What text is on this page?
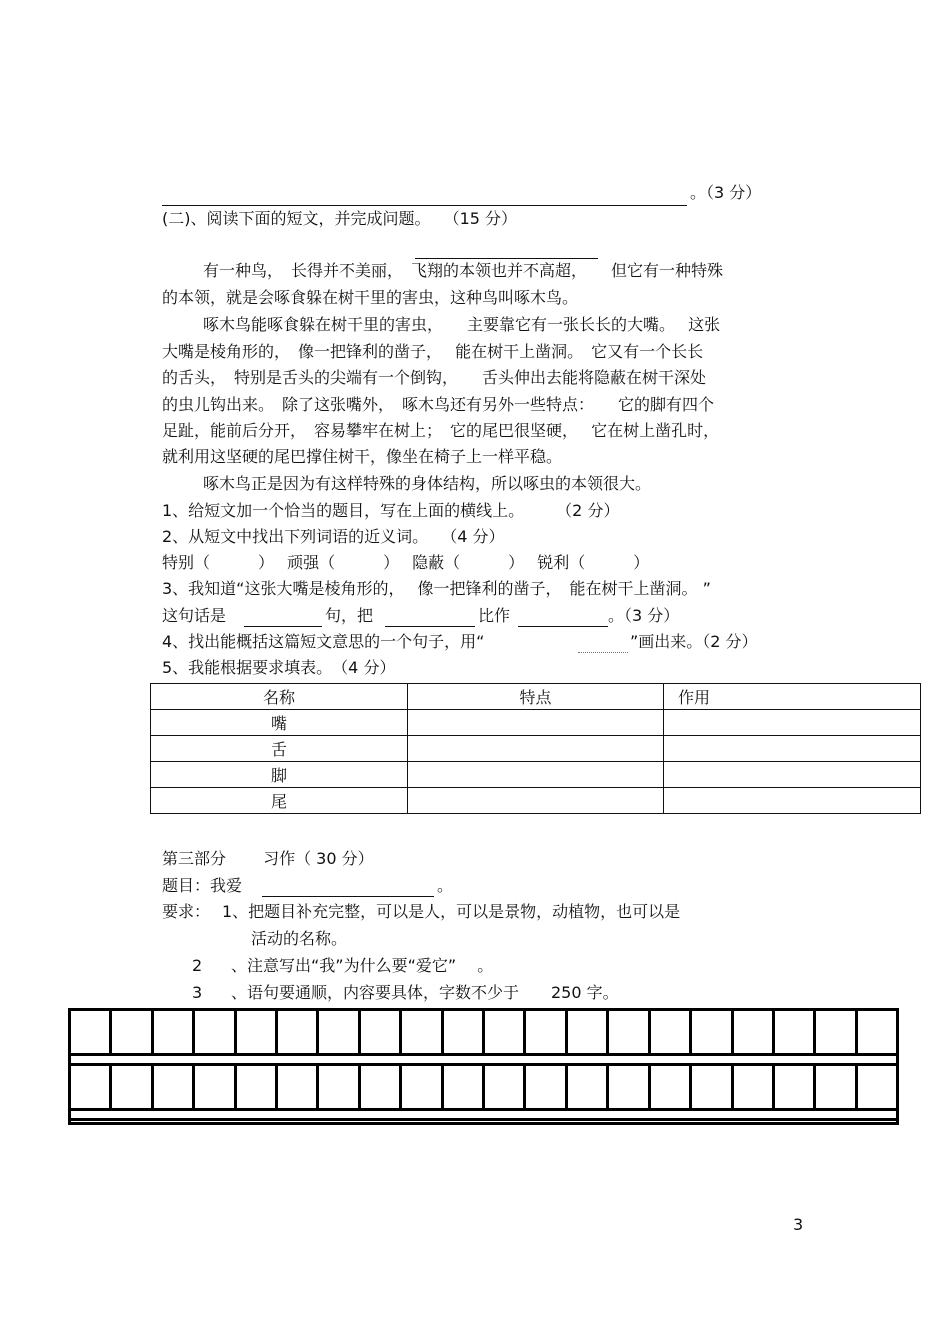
。（3 分）
(二)、阅读下面的短文，并完成问题。　 （15 分）
有一种鸟，　长得并不美丽，　飞翔的本领也并不高超，　　但它有一种特殊
的本领，就是会啄食躲在树干里的害虫，这种鸟叫啄木鸟。
啄木鸟能啄食躲在树干里的害虫，　　主要靠它有一张长长的大嘴。　 这张
大嘴是棱角形的，　像一把锋利的凿子，　 能在树干上凿洞。　它又有一个长长
的舌头，　特别是舌头的尖端有一个倒钩，　　舌头伸出去能将隐蔽在树干深处
的虫儿钩出来。　除了这张嘴外，　啄木鸟还有另外一些特点：　　它的脚有四个
足趾，能前后分开，　容易攀牢在树上；　它的尾巴很坚硬，　 它在树上凿孔时，
就利用这坚硬的尾巴撑住树干，像坐在椅子上一样平稳。
啄木鸟正是因为有这样特殊的身体结构，所以啄虫的本领很大。
1、给短文加一个恰当的题目，写在上面的横线上。　　　（2 分）
2、从短文中找出下列词语的近义词。　 （4 分）
特别（　　　）　 顽强（　　　）　 隐蔽（　　　）　 锐利（　　　）
3、我知道“这张大嘴是棱角形的，　 像一把锋利的凿子，　能在树干上凿洞。 ”
这句话是	句，把	比作	。（3 分）
4、找出能概括这篇短文意思的一个句子，用“	”画出来。（2 分）
5、我能根据要求填表。　（4 分）
名称	特点	作用
嘴		
舌		
脚		
尾		
第三部分　　 习作（ 30 分）
题目：我爱	。
要求： 1、把题目补充完整，可以是人，可以是景物，动植物，也可以是
活动的名称。
2 、注意写出“我”为什么要“爱它”　 。
3 、语句要通顺，内容要具体，字数不少于　　250 字。
3
